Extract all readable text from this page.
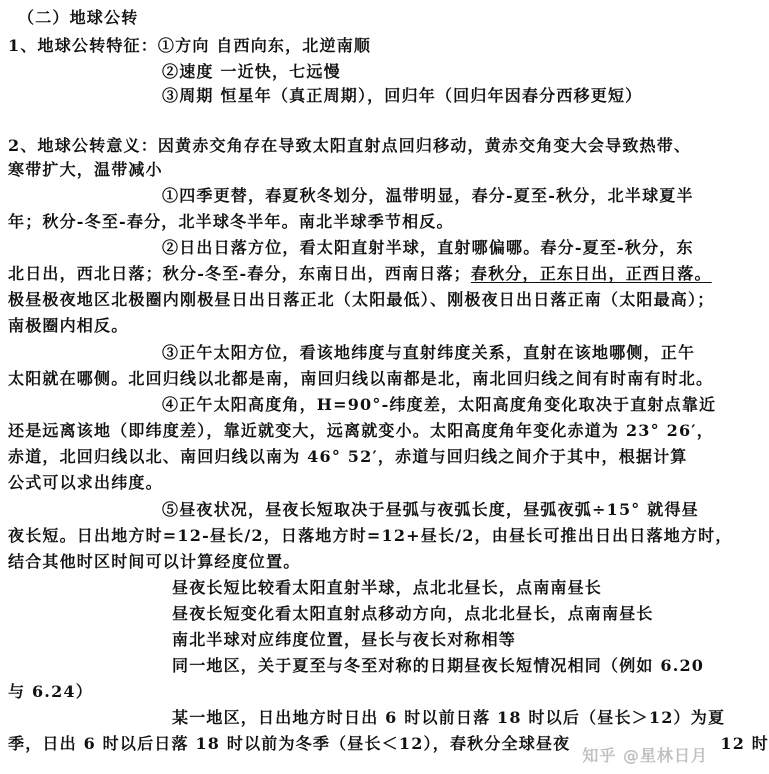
（二）地球公转
1、地球公转特征：①方向 自西向东，北逆南顺
②速度 一近快，七远慢
③周期 恒星年（真正周期），回归年（回归年因春分西移更短）
2、地球公转意义：因黄赤交角存在导致太阳直射点回归移动，黄赤交角变大会导致热带、
寒带扩大，温带减小
①四季更替，春夏秋冬划分，温带明显，春分-夏至-秋分，北半球夏半
年；秋分-冬至-春分，北半球冬半年。南北半球季节相反。
②日出日落方位，看太阳直射半球，直射哪偏哪。春分-夏至-秋分，东
北日出，西北日落；秋分-冬至-春分，东南日出，西南日落；春秋分，正东日出，正西日落。
极昼极夜地区北极圈内刚极昼日出日落正北（太阳最低）、刚极夜日出日落正南（太阳最高）；
南极圈内相反。
③正午太阳方位，看该地纬度与直射纬度关系，直射在该地哪侧，正午
太阳就在哪侧。北回归线以北都是南，南回归线以南都是北，南北回归线之间有时南有时北。
④正午太阳高度角，H=90°-纬度差，太阳高度角变化取决于直射点靠近
还是远离该地（即纬度差），靠近就变大，远离就变小。太阳高度角年变化赤道为 23° 26′，
赤道，北回归线以北、南回归线以南为 46° 52′，赤道与回归线之间介于其中，根据计算
公式可以求出纬度。
⑤昼夜状况，昼夜长短取决于昼弧与夜弧长度，昼弧夜弧÷15° 就得昼
夜长短。日出地方时=12-昼长/2，日落地方时=12+昼长/2，由昼长可推出日出日落地方时，
结合其他时区时间可以计算经度位置。
昼夜长短比较看太阳直射半球，点北北昼长，点南南昼长
昼夜长短变化看太阳直射点移动方向，点北北昼长，点南南昼长
南北半球对应纬度位置，昼长与夜长对称相等
同一地区，关于夏至与冬至对称的日期昼夜长短情况相同（例如 6.20
与 6.24）
某一地区，日出地方时日出 6 时以前日落 18 时以后（昼长＞12）为夏
季，日出 6 时以后日落 18 时以前为冬季（昼长＜12），春秋分全球昼夜	12 时
知乎 @星林日月
